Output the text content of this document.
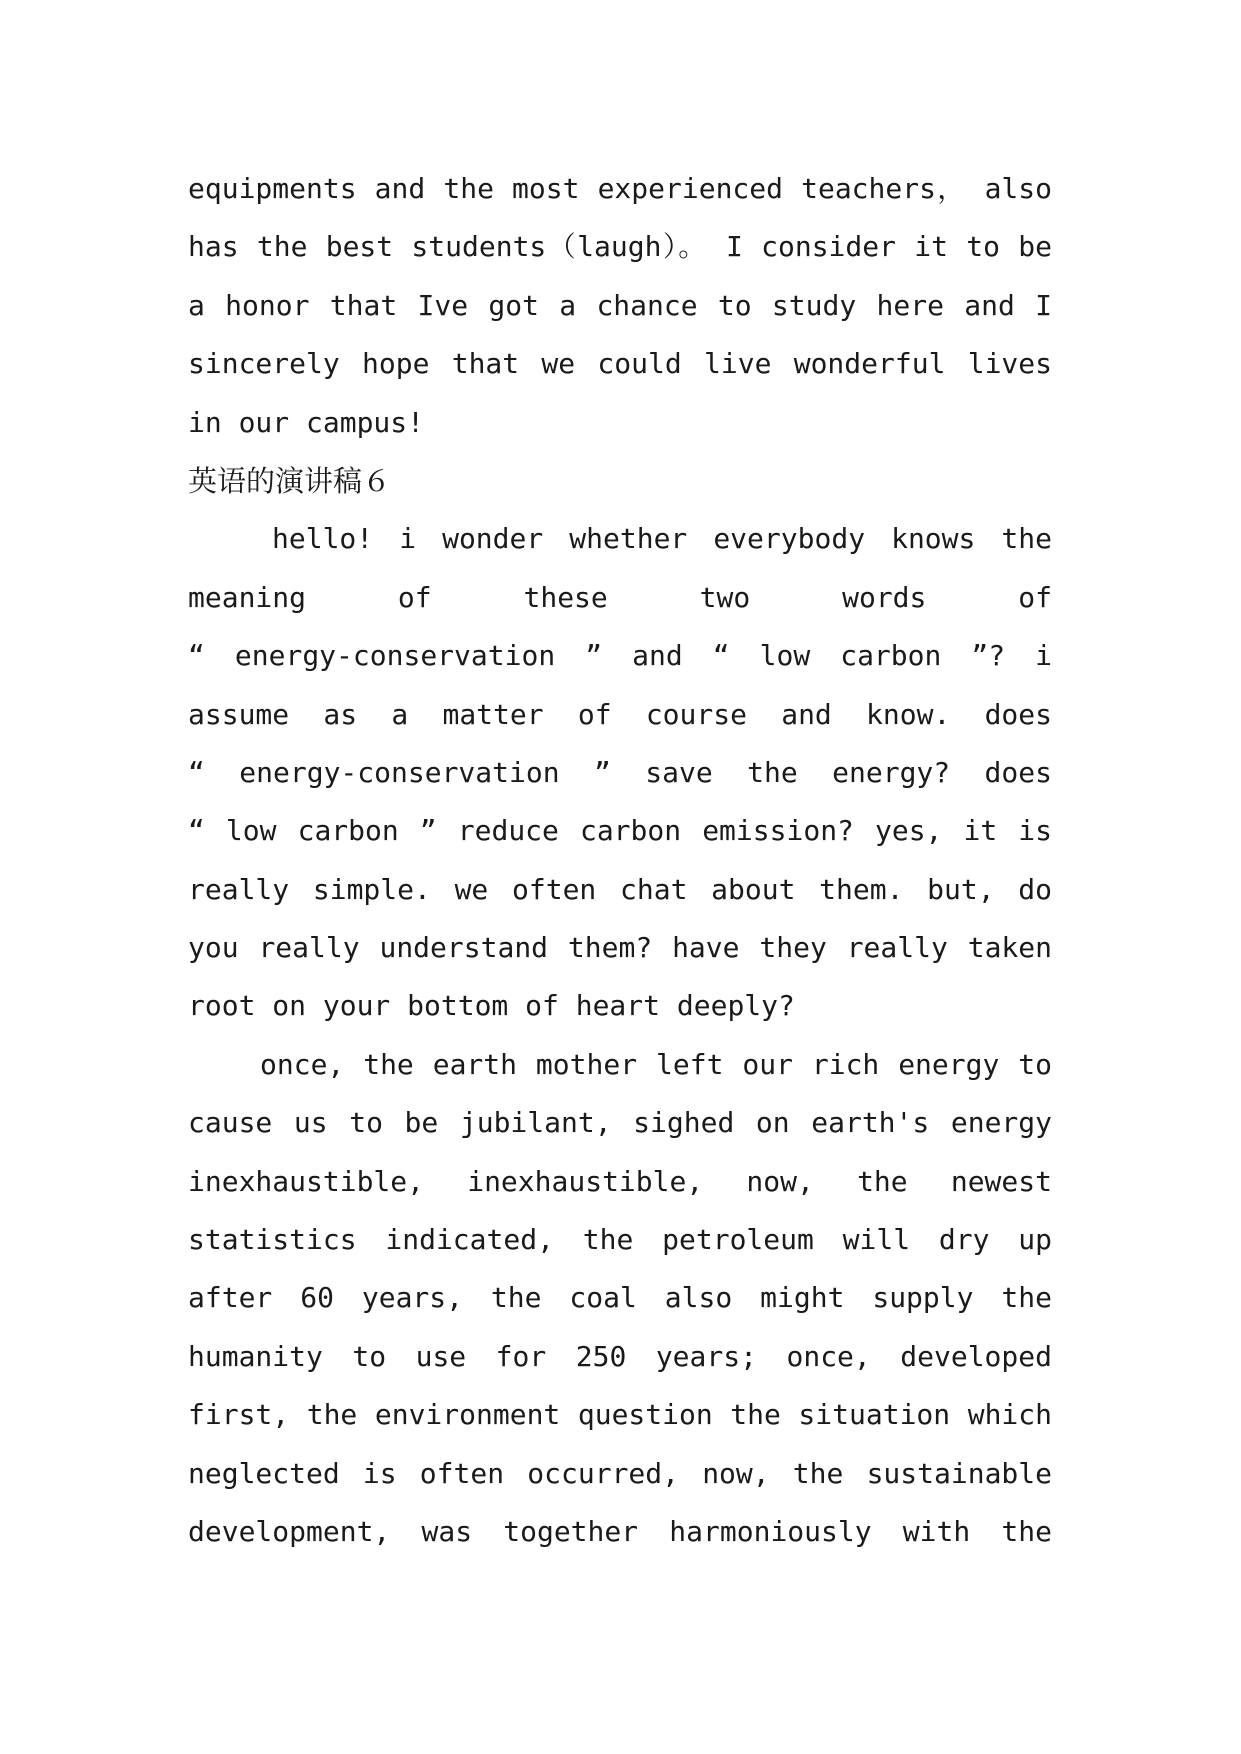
equipments and the most experienced teachers， also
has the best students（laugh）。 I consider it to be
a honor that Ive got a chance to study here and I
sincerely hope that we could live wonderful lives
in our campus!
英语的演讲稿６
hello! i wonder whether everybody knows the
meaning of these two words of
“ energy-conservation ” and “ low carbon ”? i
assume as a matter of course and know. does
“ energy-conservation ” save the energy? does
“ low carbon ” reduce carbon emission? yes, it is
really simple. we often chat about them. but, do
you really understand them? have they really taken
root on your bottom of heart deeply?
once, the earth mother left our rich energy to
cause us to be jubilant, sighed on earth's energy
inexhaustible, inexhaustible, now, the newest
statistics indicated, the petroleum will dry up
after 60 years, the coal also might supply the
humanity to use for 250 years; once, developed
first, the environment question the situation which
neglected is often occurred, now, the sustainable
development, was together harmoniously with the
